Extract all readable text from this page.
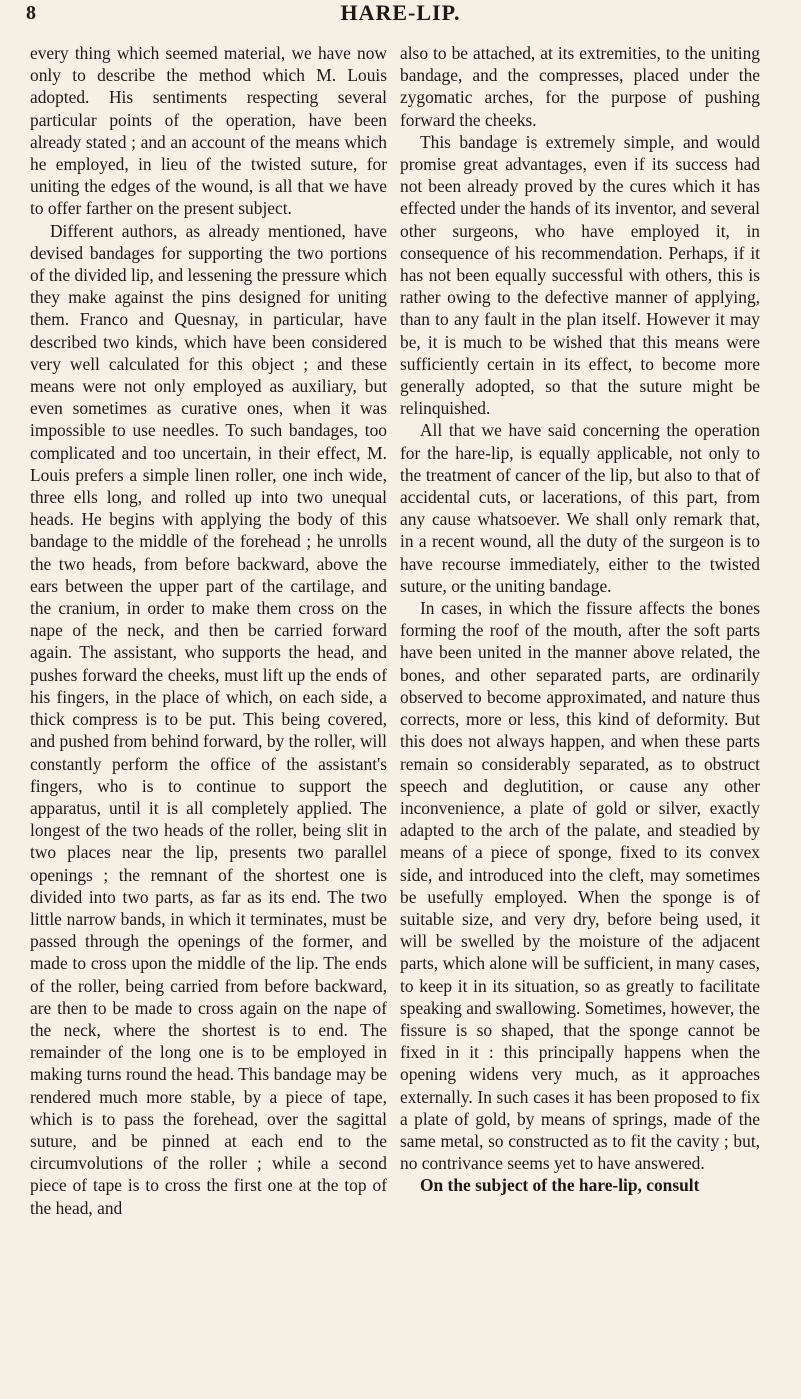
8	HARE-LIP.

every thing which seemed material, we have now only to describe the method which M. Louis adopted. His sentiments respecting several particular points of the operation, have been already stated ; and an account of the means which he employed, in lieu of the twisted suture, for uniting the edges of the wound, is all that we have to offer farther on the present subject.

Different authors, as already mentioned, have devised bandages for supporting the two portions of the divided lip, and lessening the pressure which they make against the pins designed for uniting them. Franco and Quesnay, in particular, have described two kinds, which have been considered very well calculated for this object ; and these means were not only employed as auxiliary, but even sometimes as curative ones, when it was impossible to use needles. To such bandages, too complicated and too uncertain, in their effect, M. Louis prefers a simple linen roller, one inch wide, three ells long, and rolled up into two unequal heads. He begins with applying the body of this bandage to the middle of the forehead ; he unrolls the two heads, from before backward, above the ears between the upper part of the cartilage, and the cranium, in order to make them cross on the nape of the neck, and then be carried forward again. The assistant, who supports the head, and pushes forward the cheeks, must lift up the ends of his fingers, in the place of which, on each side, a thick compress is to be put. This being covered, and pushed from behind forward, by the roller, will constantly perform the office of the assistant's fingers, who is to continue to support the apparatus, until it is all completely applied. The longest of the two heads of the roller, being slit in two places near the lip, presents two parallel openings ; the remnant of the shortest one is divided into two parts, as far as its end. The two little narrow bands, in which it terminates, must be passed through the openings of the former, and made to cross upon the middle of the lip. The ends of the roller, being carried from before backward, are then to be made to cross again on the nape of the neck, where the shortest is to end. The remainder of the long one is to be employed in making turns round the head. This bandage may be rendered much more stable, by a piece of tape, which is to pass the forehead, over the sagittal suture, and be pinned at each end to the circumvolutions of the roller ; while a second piece of tape is to cross the first one at the top of the head, and

also to be attached, at its extremities, to the uniting bandage, and the compresses, placed under the zygomatic arches, for the purpose of pushing forward the cheeks.

This bandage is extremely simple, and would promise great advantages, even if its success had not been already proved by the cures which it has effected under the hands of its inventor, and several other surgeons, who have employed it, in consequence of his recommendation. Perhaps, if it has not been equally successful with others, this is rather owing to the defective manner of applying, than to any fault in the plan itself. However it may be, it is much to be wished that this means were sufficiently certain in its effect, to become more generally adopted, so that the suture might be relinquished.

All that we have said concerning the operation for the hare-lip, is equally applicable, not only to the treatment of cancer of the lip, but also to that of accidental cuts, or lacerations, of this part, from any cause whatsoever. We shall only remark that, in a recent wound, all the duty of the surgeon is to have recourse immediately, either to the twisted suture, or the uniting bandage.

In cases, in which the fissure affects the bones forming the roof of the mouth, after the soft parts have been united in the manner above related, the bones, and other separated parts, are ordinarily observed to become approximated, and nature thus corrects, more or less, this kind of deformity. But this does not always happen, and when these parts remain so considerably separated, as to obstruct speech and deglutition, or cause any other inconvenience, a plate of gold or silver, exactly adapted to the arch of the palate, and steadied by means of a piece of sponge, fixed to its convex side, and introduced into the cleft, may sometimes be usefully employed. When the sponge is of suitable size, and very dry, before being used, it will be swelled by the moisture of the adjacent parts, which alone will be sufficient, in many cases, to keep it in its situation, so as greatly to facilitate speaking and swallowing. Sometimes, however, the fissure is so shaped, that the sponge cannot be fixed in it : this principally happens when the opening widens very much, as it approaches externally. In such cases it has been proposed to fix a plate of gold, by means of springs, made of the same metal, so constructed as to fit the cavity ; but, no contrivance seems yet to have answered.

On the subject of the hare-lip, consult
